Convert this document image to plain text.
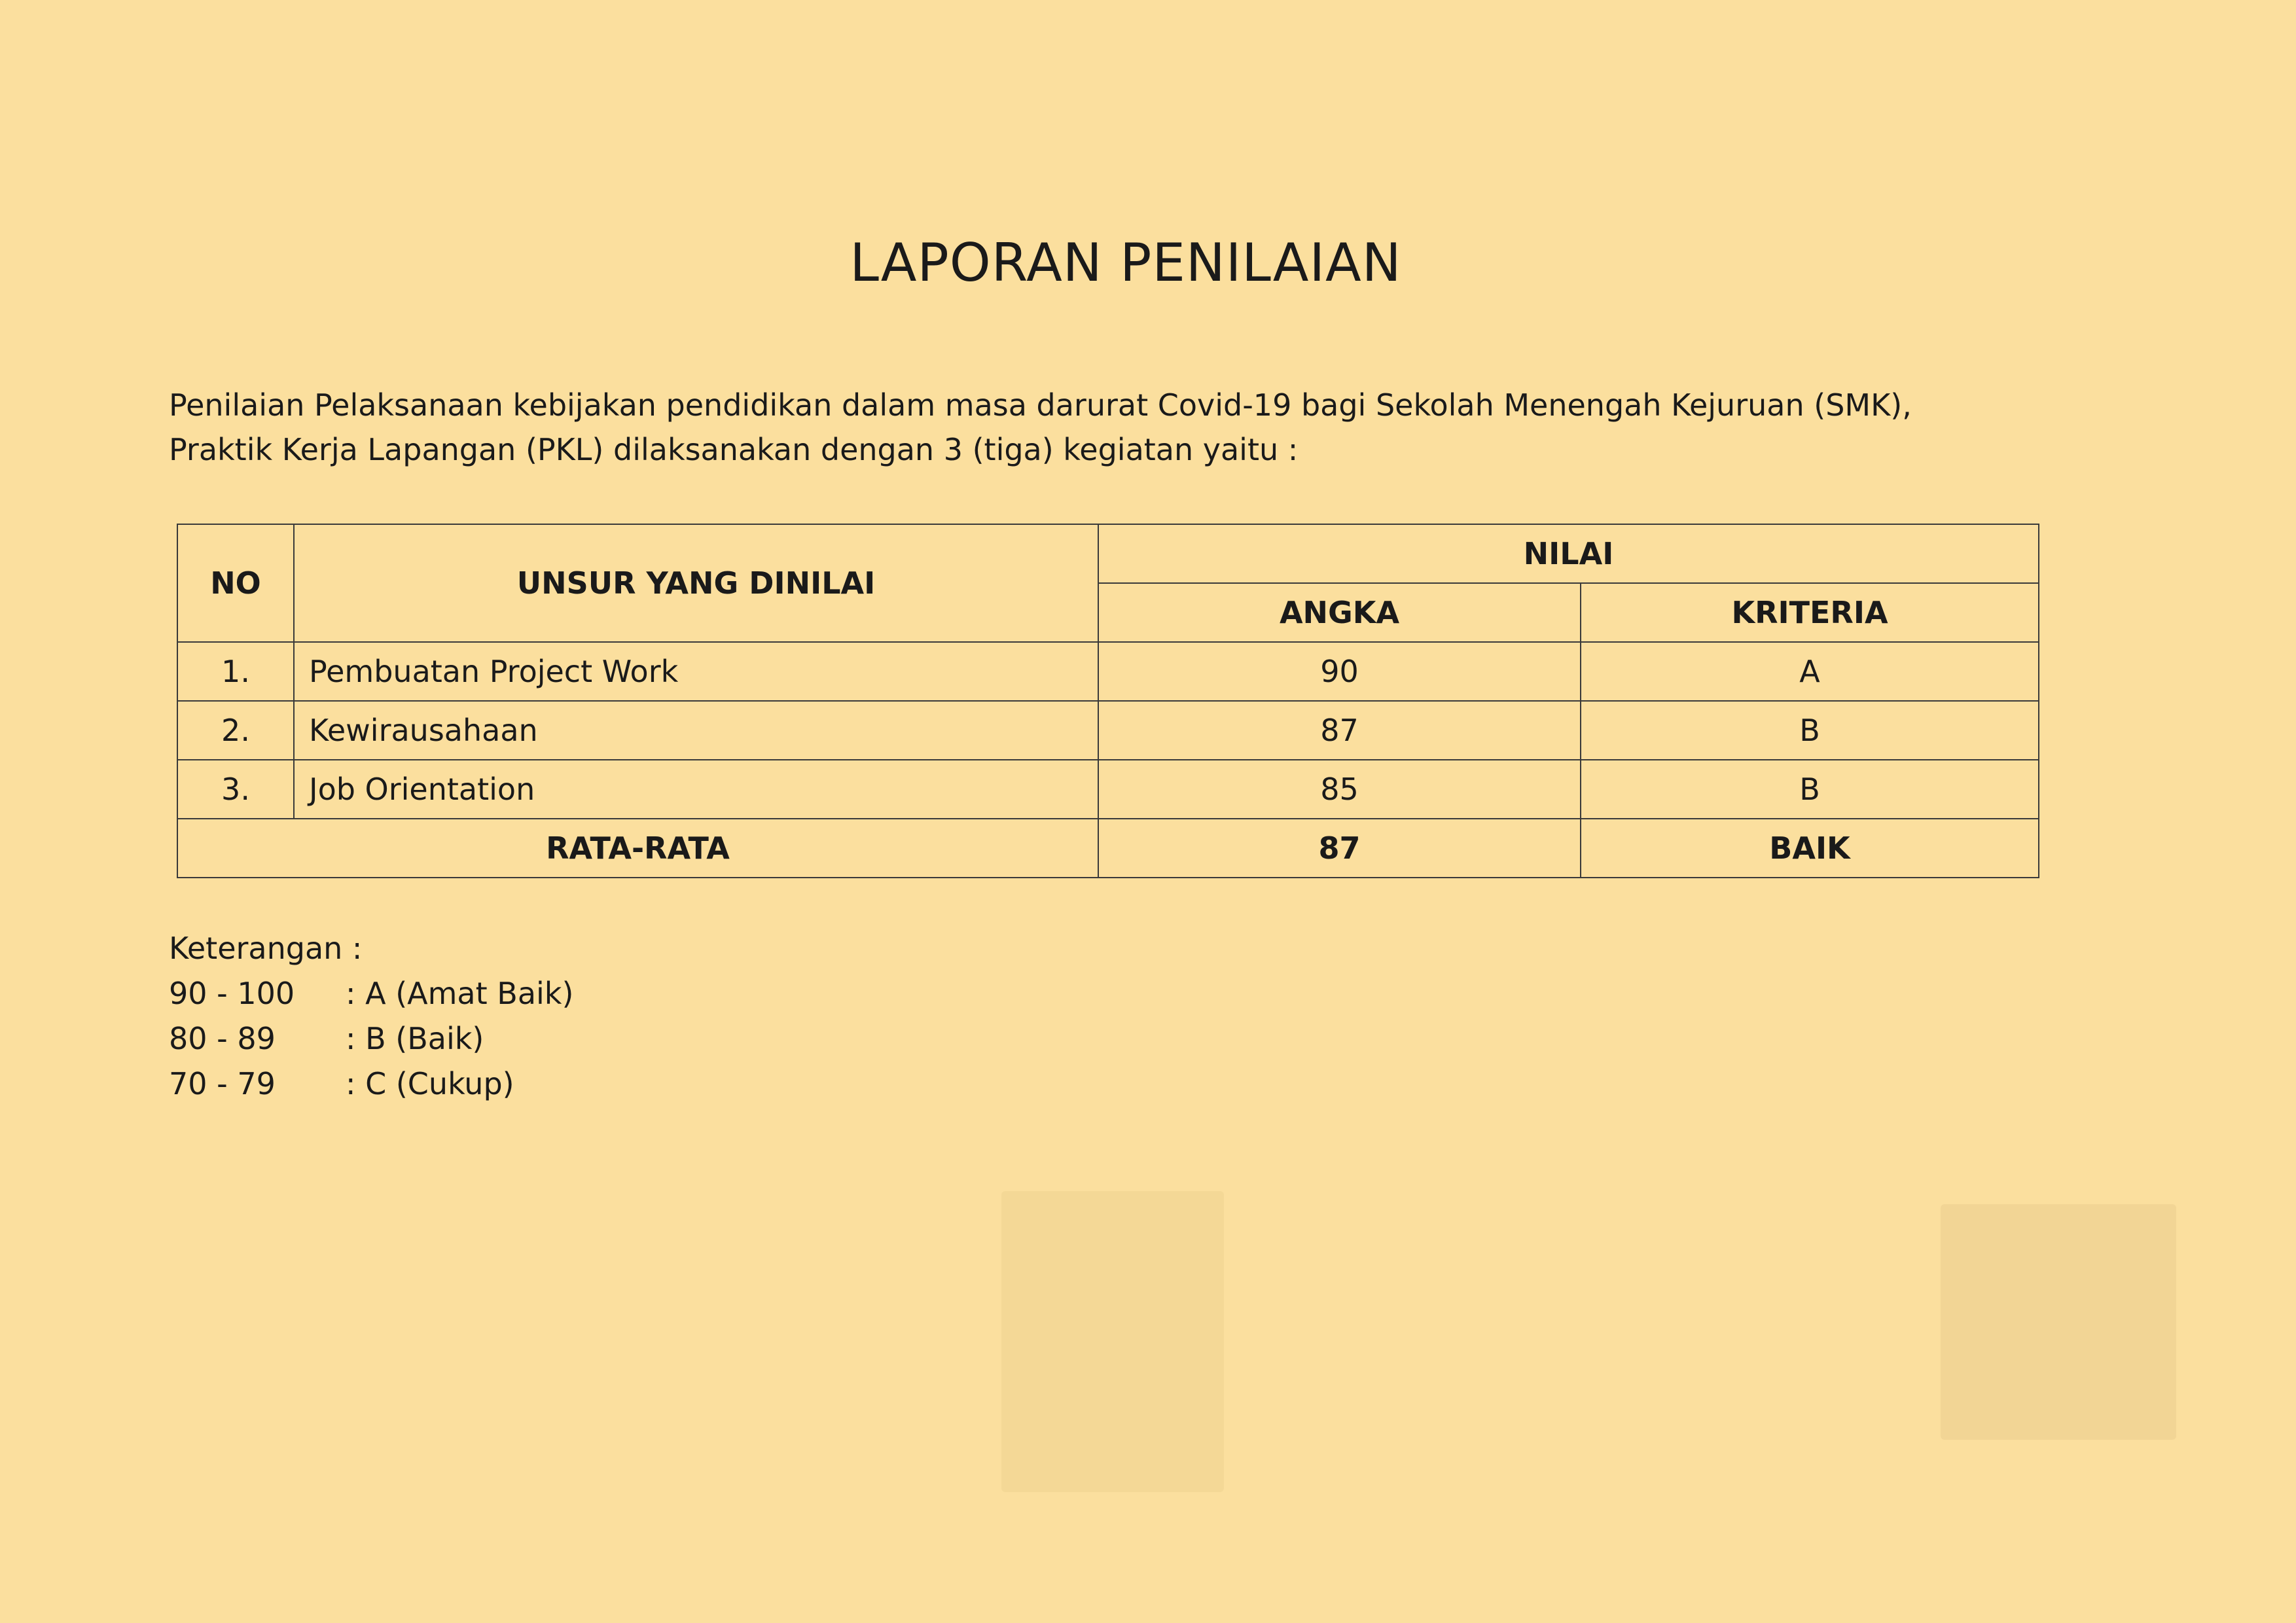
LAPORAN PENILAIAN
Penilaian Pelaksanaan kebijakan pendidikan dalam masa darurat Covid-19 bagi Sekolah Menengah Kejuruan (SMK),
Praktik Kerja Lapangan (PKL) dilaksanakan dengan 3 (tiga) kegiatan yaitu :
NO	UNSUR YANG DINILAI	NILAI	
		ANGKA	KRITERIA
1.	Pembuatan Project Work	90	A
2.	Kewirausahaan	87	B
3.	Job Orientation	85	B
RATA-RATA		87	BAIK
Keterangan :
90 - 100	: A (Amat Baik)
80 - 89	: B (Baik)
70 - 79	: C (Cukup)
